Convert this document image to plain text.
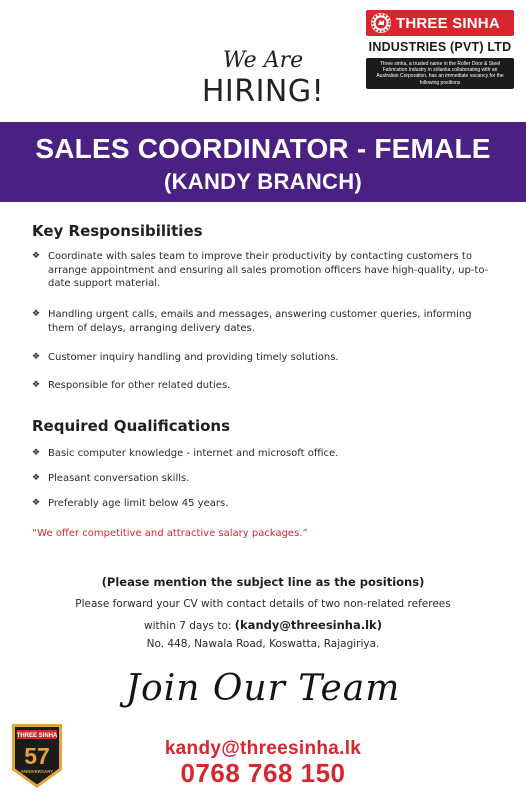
THREE SINHA
INDUSTRIES (PVT) LTD
Three sinha, a trusted name in the Roller Door & Steel Fabrication Industry in srilanka collaborating with an Australian Corporation, has an immediate vacancy for the following positions
We Are
HIRING!
SALES COORDINATOR - FEMALE
(KANDY BRANCH)
Key Responsibilities
❖ Coordinate with sales team to improve their productivity by contacting customers to arrange appointment and ensuring all sales promotion officers have high-quality, up-to-date support material.
❖ Handling urgent calls, emails and messages, answering customer queries, informing them of delays, arranging delivery dates.
❖ Customer inquiry handling and providing timely solutions.
❖ Responsible for other related duties.
Required Qualifications
❖ Basic computer knowledge - internet and microsoft office.
❖ Pleasant conversation skills.
❖ Preferably age limit below 45 years.
“We offer competitive and attractive salary packages.”
(Please mention the subject line as the positions)
Please forward your CV with contact details of two non-related referees
within 7 days to: (kandy@threesinha.lk)
No. 448, Nawala Road, Koswatta, Rajagiriya.
Join Our Team
THREE SINHA
57
ANNIVERSARY
kandy@threesinha.lk
0768 768 150
